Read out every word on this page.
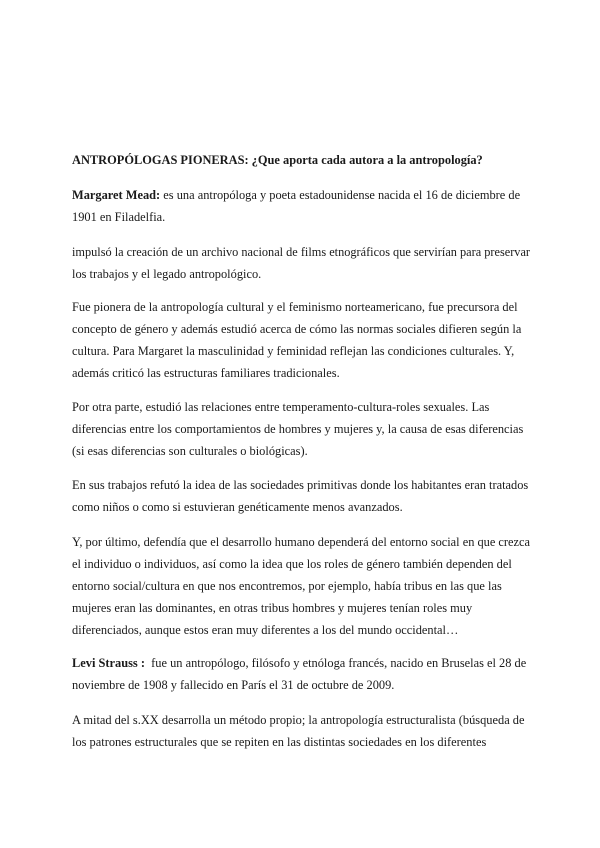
ANTROPÓLOGAS PIONERAS: ¿Que aporta cada autora a la antropología?

Margaret Mead: es una antropóloga y poeta estadounidense nacida el 16 de diciembre de
1901 en Filadelfia.

impulsó la creación de un archivo nacional de films etnográficos que servirían para preservar
los trabajos y el legado antropológico.

Fue pionera de la antropología cultural y el feminismo norteamericano, fue precursora del
concepto de género y además estudió acerca de cómo las normas sociales difieren según la
cultura. Para Margaret la masculinidad y feminidad reflejan las condiciones culturales. Y,
además criticó las estructuras familiares tradicionales.

Por otra parte, estudió las relaciones entre temperamento-cultura-roles sexuales. Las
diferencias entre los comportamientos de hombres y mujeres y, la causa de esas diferencias
(si esas diferencias son culturales o biológicas).

En sus trabajos refutó la idea de las sociedades primitivas donde los habitantes eran tratados
como niños o como si estuvieran genéticamente menos avanzados.

Y, por último, defendía que el desarrollo humano dependerá del entorno social en que crezca
el individuo o individuos, así como la idea que los roles de género también dependen del
entorno social/cultura en que nos encontremos, por ejemplo, había tribus en las que las
mujeres eran las dominantes, en otras tribus hombres y mujeres tenían roles muy
diferenciados, aunque estos eran muy diferentes a los del mundo occidental…

Levi Strauss :  fue un antropólogo, filósofo y etnóloga francés, nacido en Bruselas el 28 de
noviembre de 1908 y fallecido en París el 31 de octubre de 2009.

A mitad del s.XX desarrolla un método propio; la antropología estructuralista (búsqueda de
los patrones estructurales que se repiten en las distintas sociedades en los diferentes
